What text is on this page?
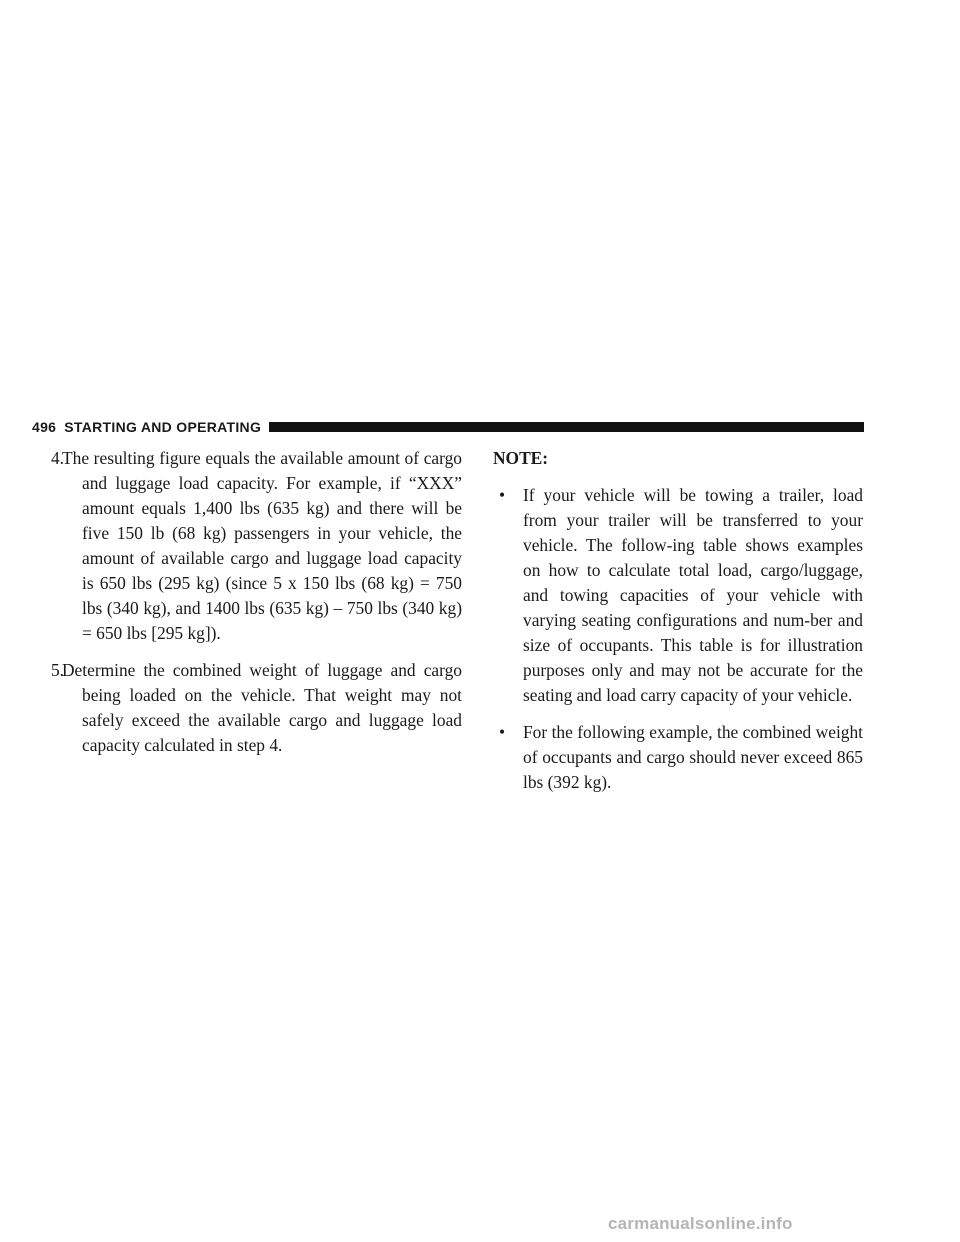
496 STARTING AND OPERATING
4.
The resulting figure equals the available amount of cargo and luggage load capacity. For example, if “XXX” amount equals 1,400 lbs (635 kg) and there will be five 150 lb (68 kg) passengers in your vehicle, the amount of available cargo and luggage load capacity is 650 lbs (295 kg) (since 5 x 150 lbs (68 kg) = 750 lbs (340 kg), and 1400 lbs (635 kg) – 750 lbs (340 kg) = 650 lbs [295 kg]).
5.
Determine the combined weight of luggage and cargo being loaded on the vehicle. That weight may not safely exceed the available cargo and luggage load capacity calculated in step 4.
NOTE:
• If your vehicle will be towing a trailer, load from your trailer will be transferred to your vehicle. The follow-ing table shows examples on how to calculate total load, cargo/luggage, and towing capacities of your vehicle with varying seating configurations and num-ber and size of occupants. This table is for illustration purposes only and may not be accurate for the seating and load carry capacity of your vehicle.
• For the following example, the combined weight of occupants and cargo should never exceed 865 lbs (392 kg).
carmanualsonline.info
